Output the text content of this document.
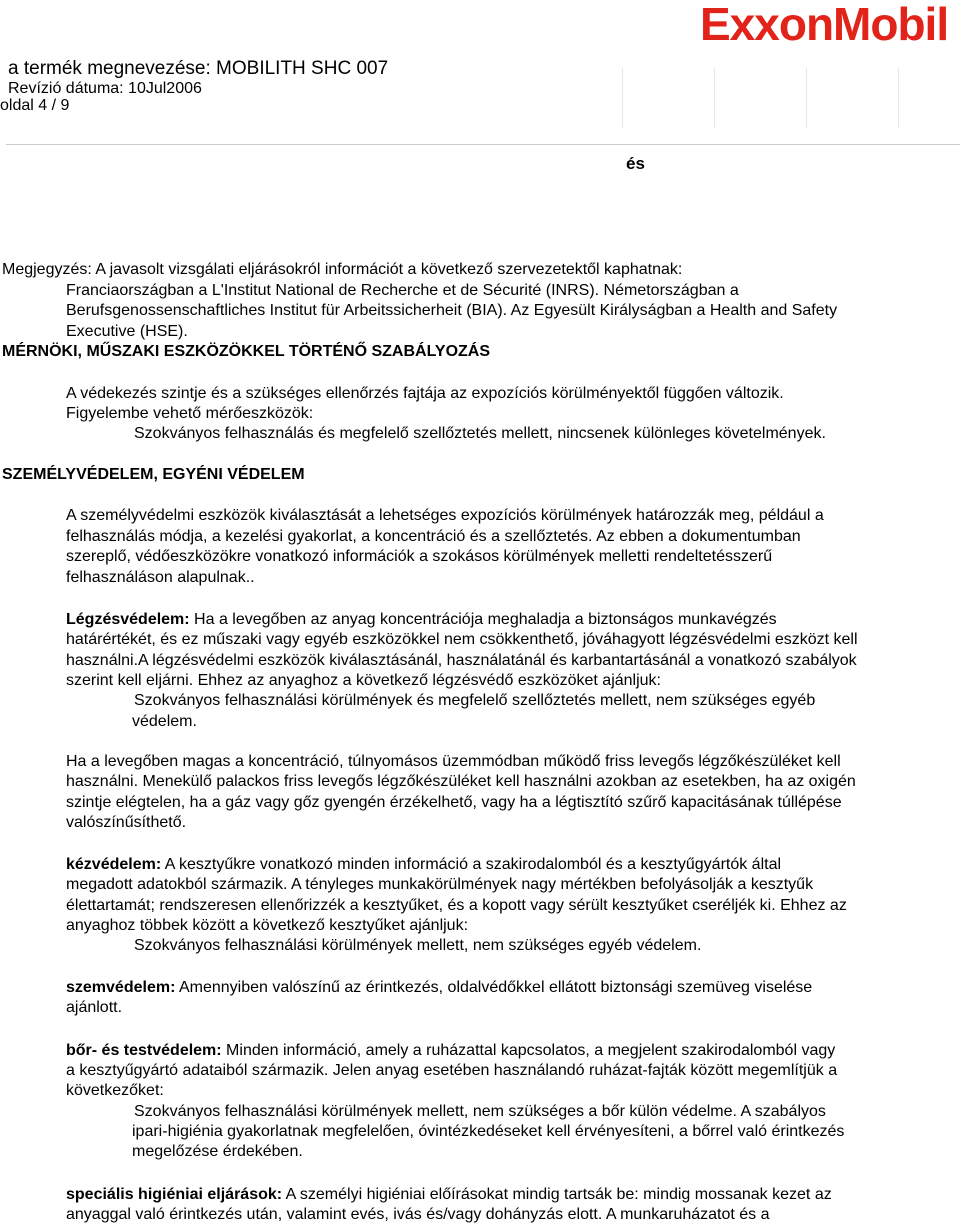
a termék megnevezése: MOBILITH SHC 007
Revízió dátuma: 10Jul2006
oldal 4 / 9
ExxonMobil
és
Megjegyzés: A javasolt vizsgálati eljárásokról információt a következő szervezetektől kaphatnak:
Franciaországban a L'Institut National de Recherche et de Sécurité (INRS). Németországban a
Berufsgenossenschaftliches Institut für Arbeitssicherheit (BIA). Az Egyesült Királyságban a Health and Safety
Executive (HSE).
MÉRNÖKI, MŰSZAKI ESZKÖZÖKKEL TÖRTÉNŐ SZABÁLYOZÁS
A védekezés szintje és a szükséges ellenőrzés fajtája az expozíciós körülményektől függően változik.
Figyelembe vehető mérőeszközök:
Szokványos felhasználás és megfelelő szellőztetés mellett, nincsenek különleges követelmények.
SZEMÉLYVÉDELEM, EGYÉNI VÉDELEM
A személyvédelmi eszközök kiválasztását a lehetséges expozíciós körülmények határozzák meg, például a
felhasználás módja, a kezelési gyakorlat, a koncentráció és a szellőztetés. Az ebben a dokumentumban
szereplő, védőeszközökre vonatkozó információk a szokásos körülmények melletti rendeltetésszerű
felhasználáson alapulnak..
Légzésvédelem: Ha a levegőben az anyag koncentrációja meghaladja a biztonságos munkavégzés
határértékét, és ez műszaki vagy egyéb eszközökkel nem csökkenthető, jóváhagyott légzésvédelmi eszközt kell
használni.A légzésvédelmi eszközök kiválasztásánál, használatánál és karbantartásánál a vonatkozó szabályok
szerint kell eljárni. Ehhez az anyaghoz a következő légzésvédő eszközöket ajánljuk:
Szokványos felhasználási körülmények és megfelelő szellőztetés mellett, nem szükséges egyéb
védelem.
Ha a levegőben magas a koncentráció, túlnyomásos üzemmódban működő friss levegős légzőkészüléket kell
használni. Menekülő palackos friss levegős légzőkészüléket kell használni azokban az esetekben, ha az oxigén
szintje elégtelen, ha a gáz vagy gőz gyengén érzékelhető, vagy ha a légtisztító szűrő kapacitásának túllépése
valószínűsíthető.
kézvédelem: A kesztyűkre vonatkozó minden információ a szakirodalomból és a kesztyűgyártók által
megadott adatokból származik. A tényleges munkakörülmények nagy mértékben befolyásolják a kesztyűk
élettartamát; rendszeresen ellenőrizzék a kesztyűket, és a kopott vagy sérült kesztyűket cseréljék ki. Ehhez az
anyaghoz többek között a következő kesztyűket ajánljuk:
Szokványos felhasználási körülmények mellett, nem szükséges egyéb védelem.
szemvédelem: Amennyiben valószínű az érintkezés, oldalvédőkkel ellátott biztonsági szemüveg viselése
ajánlott.
bőr- és testvédelem: Minden információ, amely a ruházattal kapcsolatos, a megjelent szakirodalomból vagy
a kesztyűgyártó adataiból származik. Jelen anyag esetében használandó ruházat-fajták között megemlítjük a
következőket:
Szokványos felhasználási körülmények mellett, nem szükséges a bőr külön védelme. A szabályos
ipari-higiénia gyakorlatnak megfelelően, óvintézkedéseket kell érvényesíteni, a bőrrel való érintkezés
megelőzése érdekében.
speciális higiéniai eljárások: A személyi higiéniai előírásokat mindig tartsák be: mindig mossanak kezet az
anyaggal való érintkezés után, valamint evés, ivás és/vagy dohányzás elott. A munkaruházatot és a
